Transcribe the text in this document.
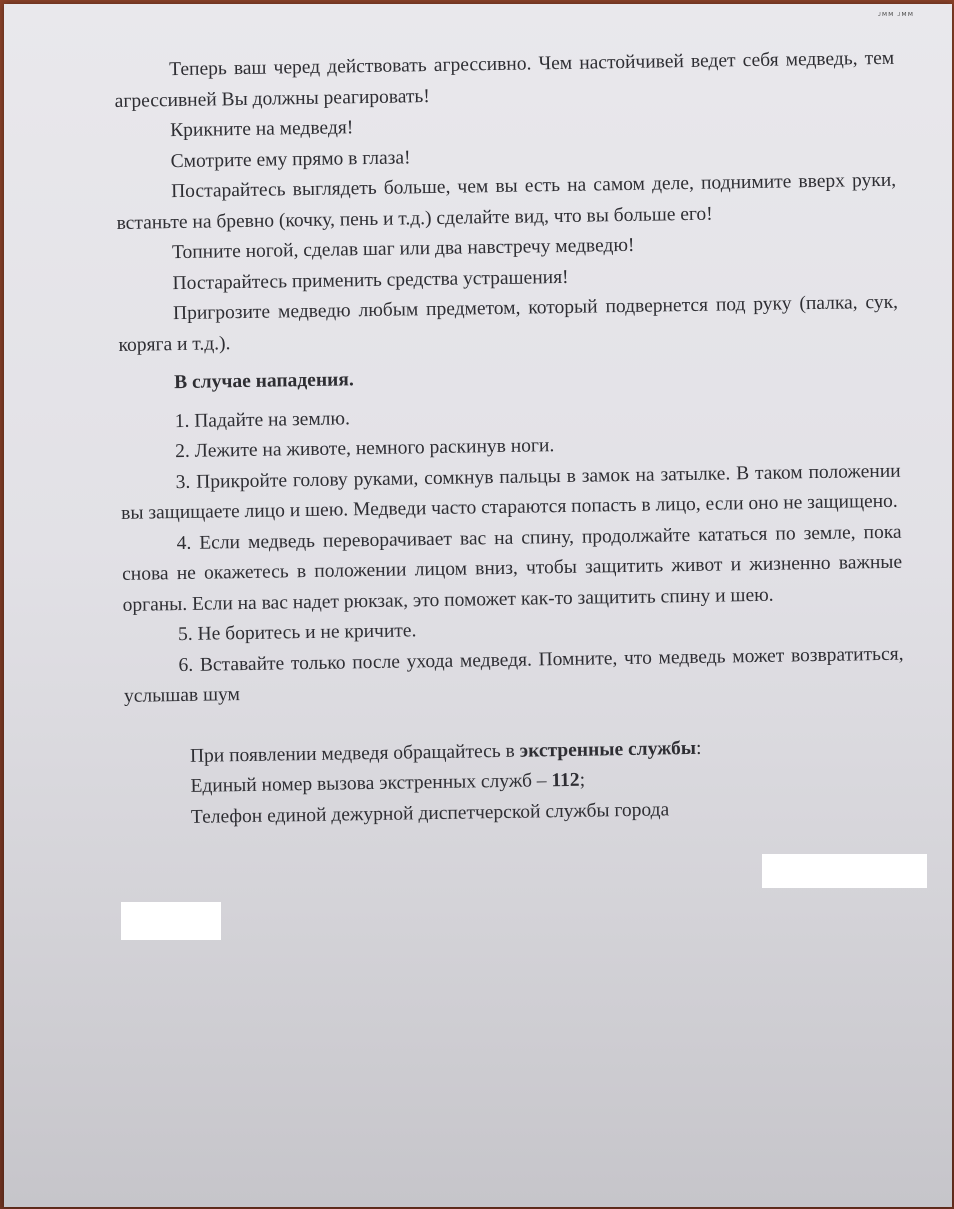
ᴊᴍᴍ ᴊᴍᴍ

Теперь ваш черед действовать агрессивно. Чем настойчивей ведет себя медведь, тем агрессивней Вы должны реагировать!

Крикните на медведя!

Смотрите ему прямо в глаза!

Постарайтесь выглядеть больше, чем вы есть на самом деле, поднимите вверх руки, встаньте на бревно (кочку, пень и т.д.) сделайте вид, что вы больше его!

Топните ногой, сделав шаг или два навстречу медведю!

Постарайтесь применить средства устрашения!

Пригрозите медведю любым предметом, который подвернется под руку (палка, сук, коряга и т.д.).

В случае нападения.

1. Падайте на землю.

2. Лежите на животе, немного раскинув ноги.

3. Прикройте голову руками, сомкнув пальцы в замок на затылке. В таком положении вы защищаете лицо и шею. Медведи часто стараются попасть в лицо, если оно не защищено.

4. Если медведь переворачивает вас на спину, продолжайте кататься по земле, пока снова не окажетесь в положении лицом вниз, чтобы защитить живот и жизненно важные органы. Если на вас надет рюкзак, это поможет как-то защитить спину и шею.

5. Не боритесь и не кричите.

6. Вставайте только после ухода медведя. Помните, что медведь может возвратиться, услышав шум

При появлении медведя обращайтесь в экстренные службы:

Единый номер вызова экстренных служб – 112;

Телефон единой дежурной диспетчерской службы города
